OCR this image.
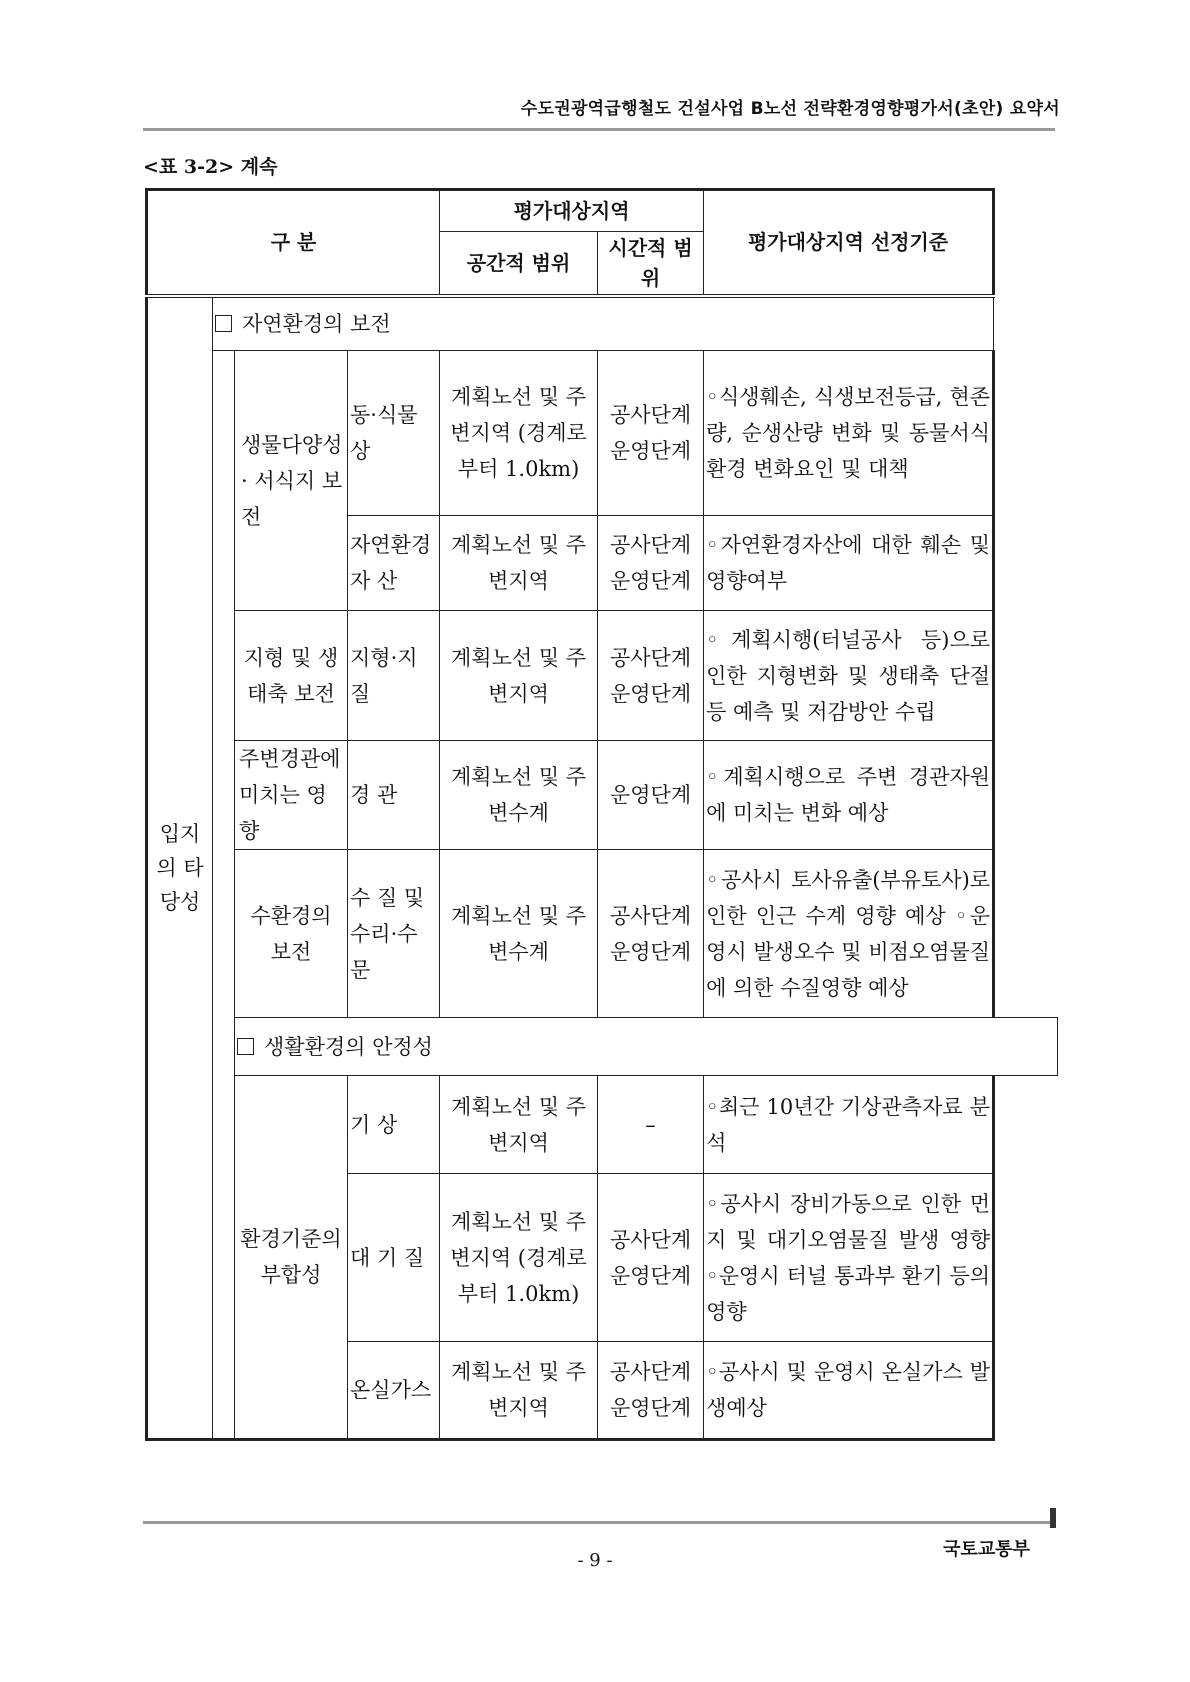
수도권광역급행철도 건설사업 B노선 전략환경영향평가서(초안) 요약서
<표 3-2> 계속
구 분				평가대상지역		평가대상지역 선정기준
				공간적 범위	시간적 범위	
입지의 타당성	자연환경의 보전					
		생물다양성· 서식지 보전	동·식물상	계획노선 및 주변지역 (경계로부터 1.0km)	공사단계 운영단계	◦식생훼손, 식생보전등급, 현존량, 순생산량 변화 및 동물서식 환경 변화요인 및 대책
			자연환경 자 산	계획노선 및 주변지역	공사단계 운영단계	◦자연환경자산에 대한 훼손 및 영향여부
		지형 및 생태축 보전	지형·지질	계획노선 및 주변지역	공사단계 운영단계	◦계획시행(터널공사 등)으로 인한 지형변화 및 생태축 단절 등 예측 및 저감방안 수립
		주변경관에 미치는 영향	경 관	계획노선 및 주변수계	운영단계	◦계획시행으로 주변 경관자원에 미치는 변화 예상
		수환경의 보전	수 질 및 수리·수문	계획노선 및 주변수계	공사단계 운영단계	◦공사시 토사유출(부유토사)로 인한 인근 수계 영향 예상 ◦운영시 발생오수 및 비점오염물질에 의한 수질영향 예상
		생활환경의 안정성				
		환경기준의 부합성	기 상	계획노선 및 주변지역	–	◦최근 10년간 기상관측자료 분석
			대 기 질	계획노선 및 주변지역 (경계로부터 1.0km)	공사단계 운영단계	◦공사시 장비가동으로 인한 먼지 및 대기오염물질 발생 영향 ◦운영시 터널 통과부 환기 등의 영향
			온실가스	계획노선 및 주변지역	공사단계 운영단계	◦공사시 및 운영시 온실가스 발생예상
국토교통부
- 9 -
